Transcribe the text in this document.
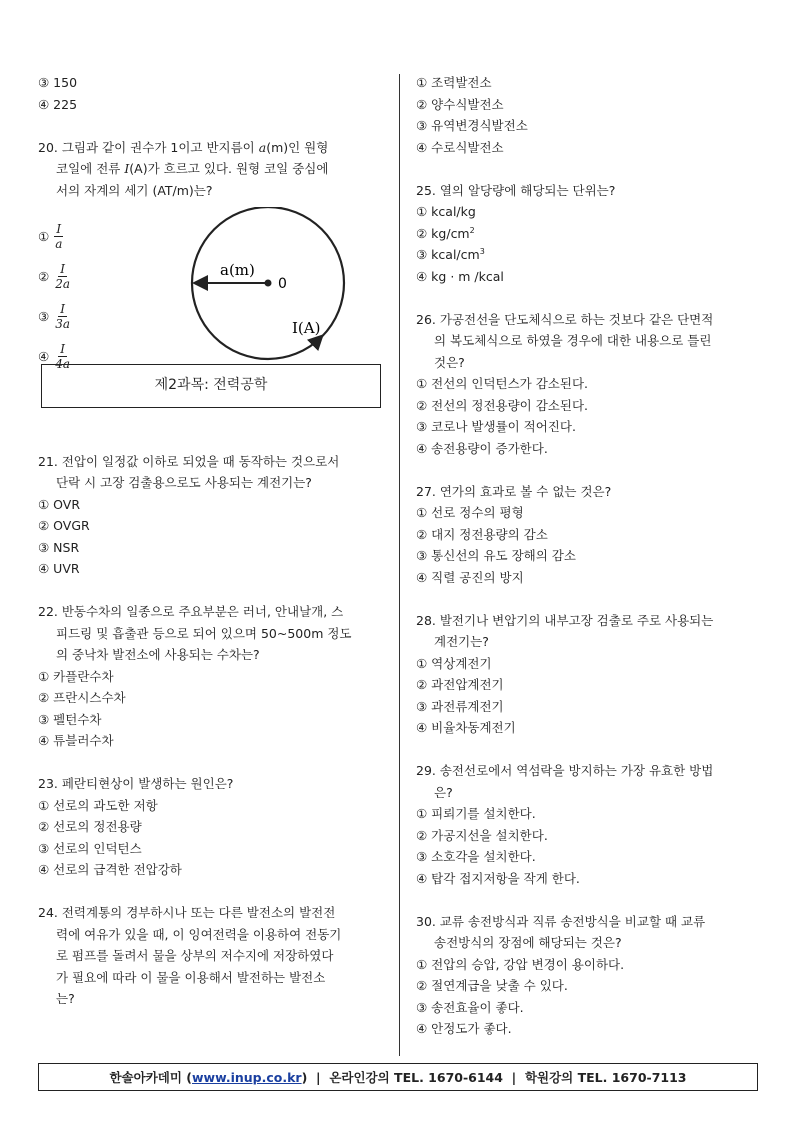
③ 150

④ 225

20. 그림과 같이 권수가 1이고 반지름이 a(m)인 원형
코일에 전류 I(A)가 흐르고 있다. 원형 코일 중심에
서의 자계의 세기 (AT/m)는?

① $\frac{I}{a}$
② $\frac{I}{2a}$
③ $\frac{I}{3a}$
④ $\frac{I}{4a}$
a(m)
0
I(A)
제2과목: 전력공학

21. 전압이 일정값 이하로 되었을 때 동작하는 것으로서

단락 시 고장 검출용으로도 사용되는 계전기는?

① OVR

② OVGR

③ NSR

④ UVR

22. 반동수차의 일종으로 주요부분은 러너, 안내날개, 스

피드링 및 흡출관 등으로 되어 있으며 50~500m 정도

의 중낙차 발전소에 사용되는 수차는?

① 카플란수차

② 프란시스수차

③ 펠턴수차

④ 튜블러수차

23. 페란티현상이 발생하는 원인은?

① 선로의 과도한 저항

② 선로의 정전용량

③ 선로의 인덕턴스

④ 선로의 급격한 전압강하

24. 전력계통의 경부하시나 또는 다른 발전소의 발전전

력에 여유가 있을 때, 이 잉여전력을 이용하여 전동기

로 펌프를 돌려서 물을 상부의 저수지에 저장하였다

가 필요에 따라 이 물을 이용해서 발전하는 발전소

는?

① 조력발전소

② 양수식발전소

③ 유역변경식발전소

④ 수로식발전소

25. 열의 알당량에 해당되는 단위는?

① kcal/kg

② $kg/cm^2$

③ kcal/$cm^3$

④ kg · m /kcal

26. 가공전선을 단도체식으로 하는 것보다 같은 단면적

의 복도체식으로 하였을 경우에 대한 내용으로 틀린

것은?

① 전선의 인덕턴스가 감소된다.

② 전선의 정전용량이 감소된다.

③ 코로나 발생률이 적어진다.

④ 송전용량이 증가한다.

27. 연가의 효과로 볼 수 없는 것은?

① 선로 정수의 평형

② 대지 정전용량의 감소

③ 통신선의 유도 장해의 감소

④ 직렬 공진의 방지

28. 발전기나 변압기의 내부고장 검출로 주로 사용되는

계전기는?

① 역상계전기

② 과전압계전기

③ 과전류계전기

④ 비율차동계전기

29. 송전선로에서 역섬락을 방지하는 가장 유효한 방법

은?

① 피뢰기를 설치한다.

② 가공지선을 설치한다.

③ 소호각을 설치한다.

④ 탑각 접지저항을 작게 한다.

30. 교류 송전방식과 직류 송전방식을 비교할 때 교류

송전방식의 장점에 해당되는 것은?

① 전압의 승압, 강압 변경이 용이하다.

② 절연계급을 낮출 수 있다.

③ 송전효율이 좋다.

④ 안정도가 좋다.

한솔아카데미 ( www.inup.co.kr ) | 온라인강의 TEL. 1670-6144 | 학원강의 TEL. 1670-7113
